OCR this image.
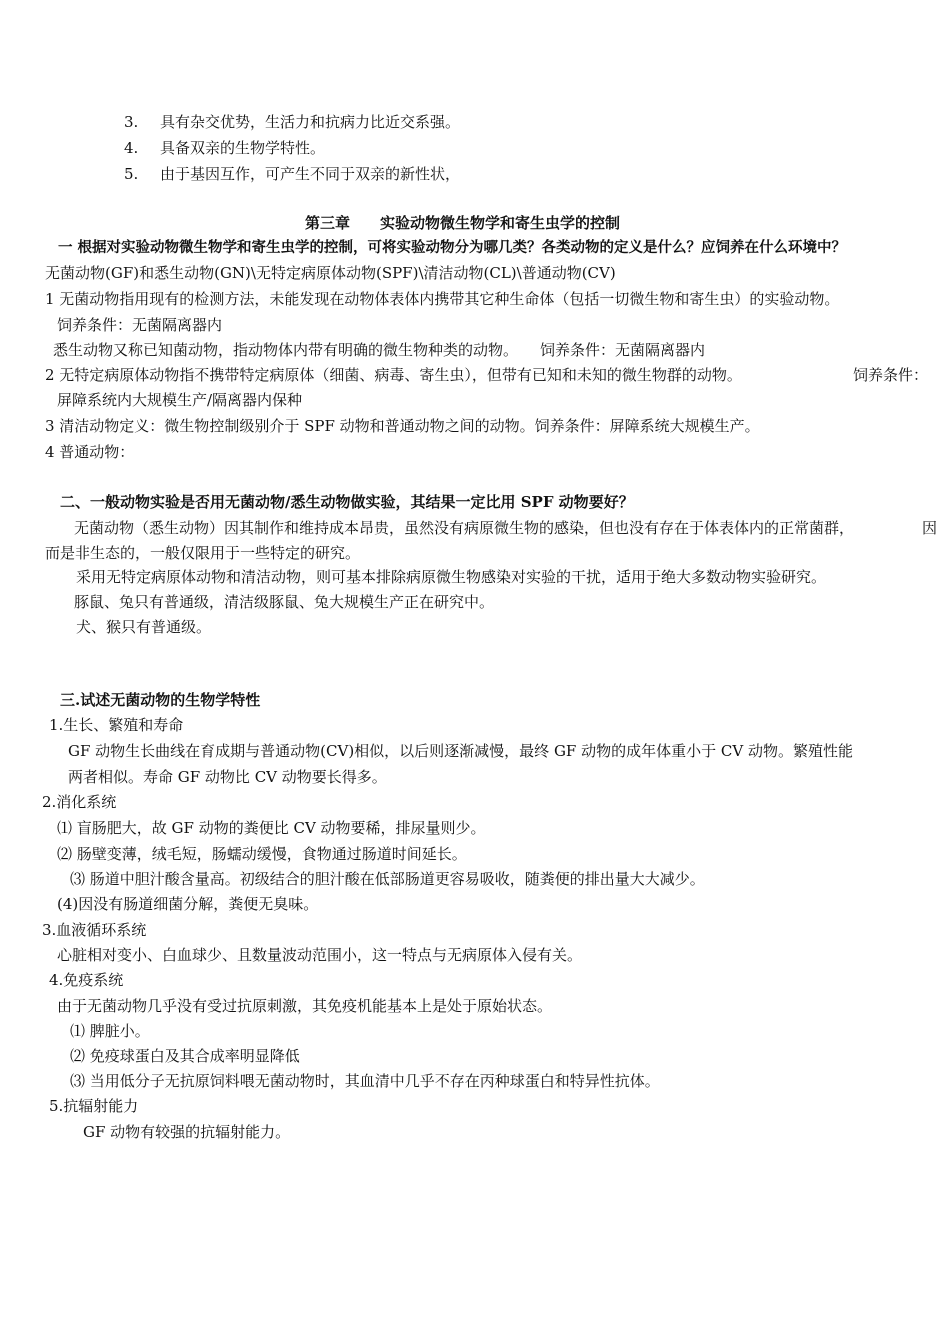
3. 具有杂交优势，生活力和抗病力比近交系强。
4. 具备双亲的生物学特性。
5. 由于基因互作，可产生不同于双亲的新性状，
第三章 实验动物微生物学和寄生虫学的控制
一 根据对实验动物微生物学和寄生虫学的控制，可将实验动物分为哪几类？各类动物的定义是什么？应饲养在什么环境中？
无菌动物(GF)和悉生动物(GN)\无特定病原体动物(SPF)\清洁动物(CL)\普通动物(CV)
1 无菌动物指用现有的检测方法，未能发现在动物体表体内携带其它种生命体（包括一切微生物和寄生虫）的实验动物。
饲养条件：无菌隔离器内
悉生动物又称已知菌动物，指动物体内带有明确的微生物种类的动物。 饲养条件：无菌隔离器内
2 无特定病原体动物指不携带特定病原体（细菌、病毒、寄生虫），但带有已知和未知的微生物群的动物。	饲养条件：
屏障系统内大规模生产/隔离器内保种
3 清洁动物定义：微生物控制级别介于 SPF 动物和普通动物之间的动物。饲养条件：屏障系统大规模生产。
4 普通动物：
二、一般动物实验是否用无菌动物/悉生动物做实验，其结果一定比用 SPF 动物要好？
无菌动物（悉生动物）因其制作和维持成本昂贵，虽然没有病原微生物的感染，但也没有存在于体表体内的正常菌群，	因
而是非生态的，一般仅限用于一些特定的研究。
采用无特定病原体动物和清洁动物，则可基本排除病原微生物感染对实验的干扰，适用于绝大多数动物实验研究。
豚鼠、兔只有普通级，清洁级豚鼠、兔大规模生产正在研究中。
犬、猴只有普通级。
三.试述无菌动物的生物学特性
1.生长、繁殖和寿命
GF 动物生长曲线在育成期与普通动物(CV)相似，以后则逐渐减慢，最终 GF 动物的成年体重小于 CV 动物。繁殖性能
两者相似。寿命 GF 动物比 CV 动物要长得多。
2.消化系统
⑴ 盲肠肥大，故 GF 动物的粪便比 CV 动物要稀，排尿量则少。
⑵ 肠壁变薄，绒毛短，肠蠕动缓慢，食物通过肠道时间延长。
⑶ 肠道中胆汁酸含量高。初级结合的胆汁酸在低部肠道更容易吸收，随粪便的排出量大大减少。
(4)因没有肠道细菌分解，粪便无臭味。
3.血液循环系统
心脏相对变小、白血球少、且数量波动范围小，这一特点与无病原体入侵有关。
4.免疫系统
由于无菌动物几乎没有受过抗原刺激，其免疫机能基本上是处于原始状态。
⑴ 脾脏小。
⑵ 免疫球蛋白及其合成率明显降低
⑶ 当用低分子无抗原饲料喂无菌动物时，其血清中几乎不存在丙种球蛋白和特异性抗体。
5.抗辐射能力
GF 动物有较强的抗辐射能力。
